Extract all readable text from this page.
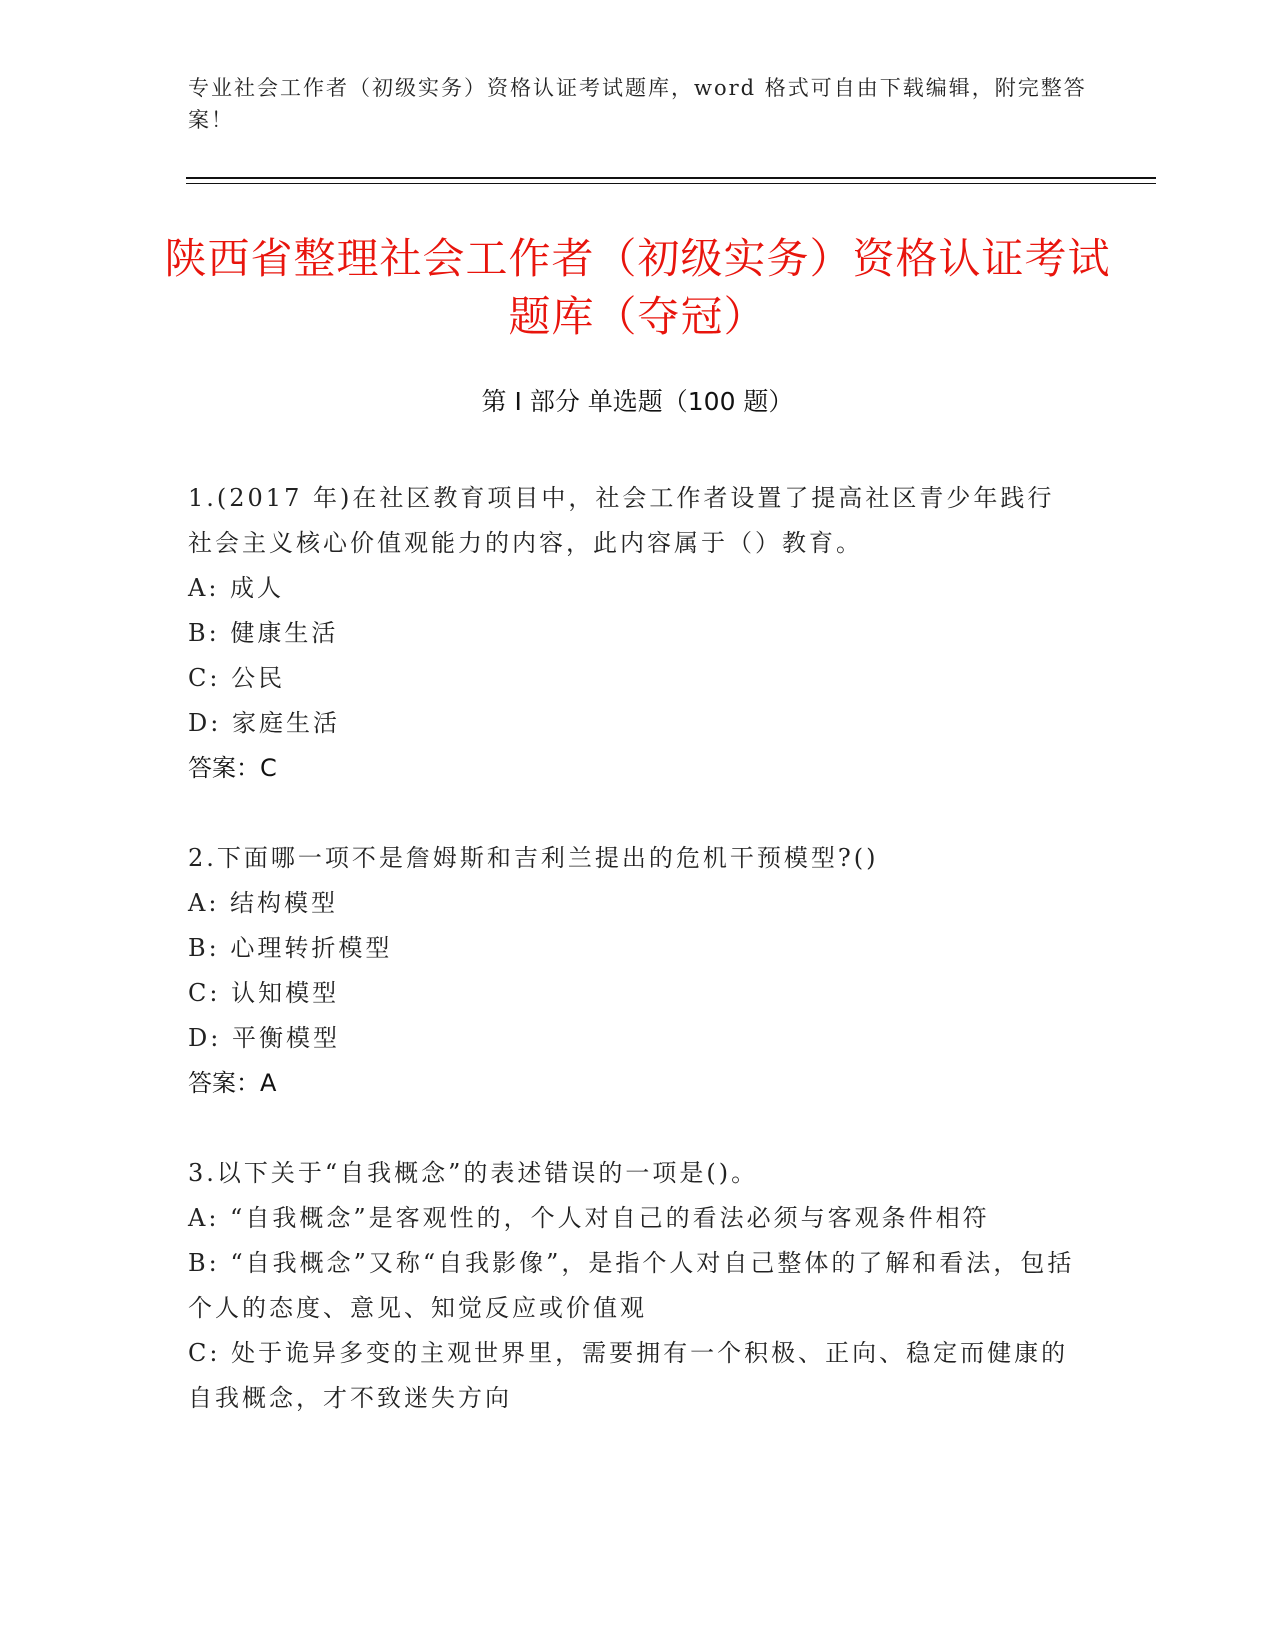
专业社会工作者（初级实务）资格认证考试题库，word 格式可自由下载编辑，附完整答案！
陕西省整理社会工作者（初级实务）资格认证考试题库（夺冠）
第 I 部分 单选题（100 题）

1.(2017 年)在社区教育项目中，社会工作者设置了提高社区青少年践行社会主义核心价值观能力的内容，此内容属于（）教育。

A: 成人

B: 健康生活

C: 公民

D: 家庭生活

答案：C

2.下面哪一项不是詹姆斯和吉利兰提出的危机干预模型?()

A: 结构模型

B: 心理转折模型

C: 认知模型

D: 平衡模型

答案：A

3.以下关于“自我概念”的表述错误的一项是()。

A: “自我概念”是客观性的，个人对自己的看法必须与客观条件相符

B: “自我概念”又称“自我影像”，是指个人对自己整体的了解和看法，包括个人的态度、意见、知觉反应或价值观

C: 处于诡异多变的主观世界里，需要拥有一个积极、正向、稳定而健康的自我概念，才不致迷失方向
